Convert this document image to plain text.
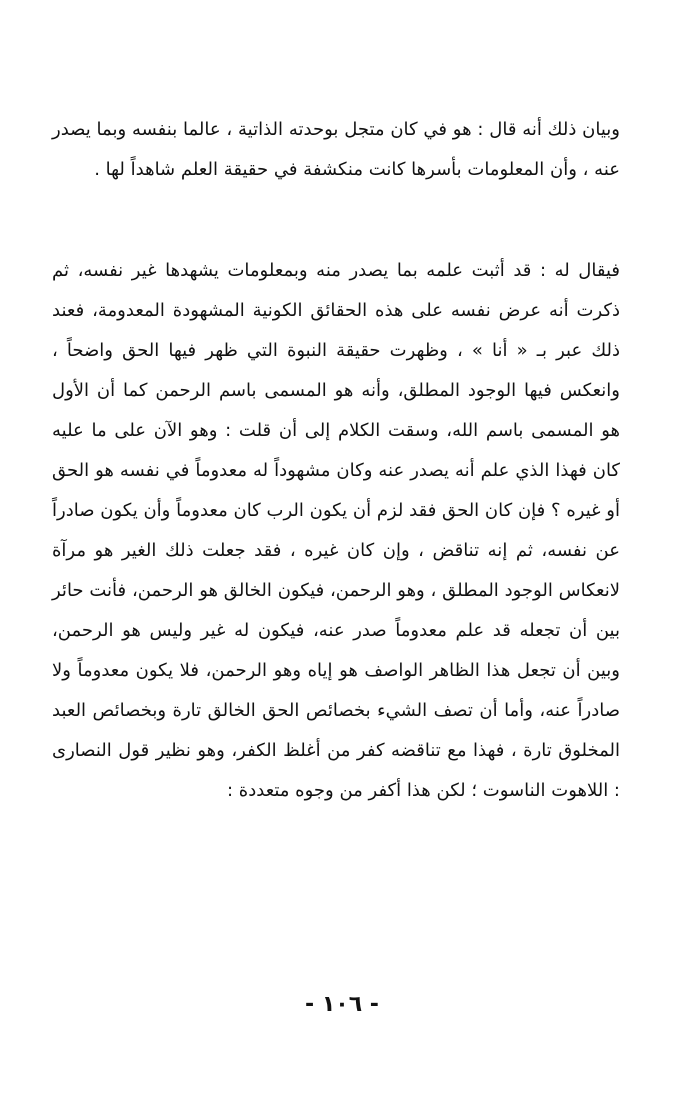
وبيان ذلك أنه قال : هو في كان متجل بوحدته الذاتية ، عالما بنفسه وبما يصدر عنه ، وأن المعلومات بأسرها كانت منكشفة في حقيقة العلم شاهداً لها .

فيقال له : قد أثبت علمه بما يصدر منه وبمعلومات يشهدها غير نفسه، ثم ذكرت أنه عرض نفسه على هذه الحقائق الكونية المشهودة المعدومة، فعند ذلك عبر بـ « أنا » ، وظهرت حقيقة النبوة التي ظهر فيها الحق واضحاً ، وانعكس فيها الوجود المطلق، وأنه هو المسمى باسم الرحمن كما أن الأول هو المسمى باسم الله، وسقت الكلام إلى أن قلت : وهو الآن على ما عليه كان فهذا الذي علم أنه يصدر عنه وكان مشهوداً له معدوماً في نفسه هو الحق أو غيره ؟ فإن كان الحق فقد لزم أن يكون الرب كان معدوماً وأن يكون صادراً عن نفسه، ثم إنه تناقض ، وإن كان غيره ، فقد جعلت ذلك الغير هو مرآة لانعكاس الوجود المطلق ، وهو الرحمن، فيكون الخالق هو الرحمن، فأنت حائر بين أن تجعله قد علم معدوماً صدر عنه، فيكون له غير وليس هو الرحمن، وبين أن تجعل هذا الظاهر الواصف هو إياه وهو الرحمن، فلا يكون معدوماً ولا صادراً عنه، وأما أن تصف الشيء بخصائص الحق الخالق تارة وبخصائص العبد المخلوق تارة ، فهذا مع تناقضه كفر من أغلظ الكفر، وهو نظير قول النصارى : اللاهوت الناسوت ؛ لكن هذا أكفر من وجوه متعددة :

- ١٠٦ -
